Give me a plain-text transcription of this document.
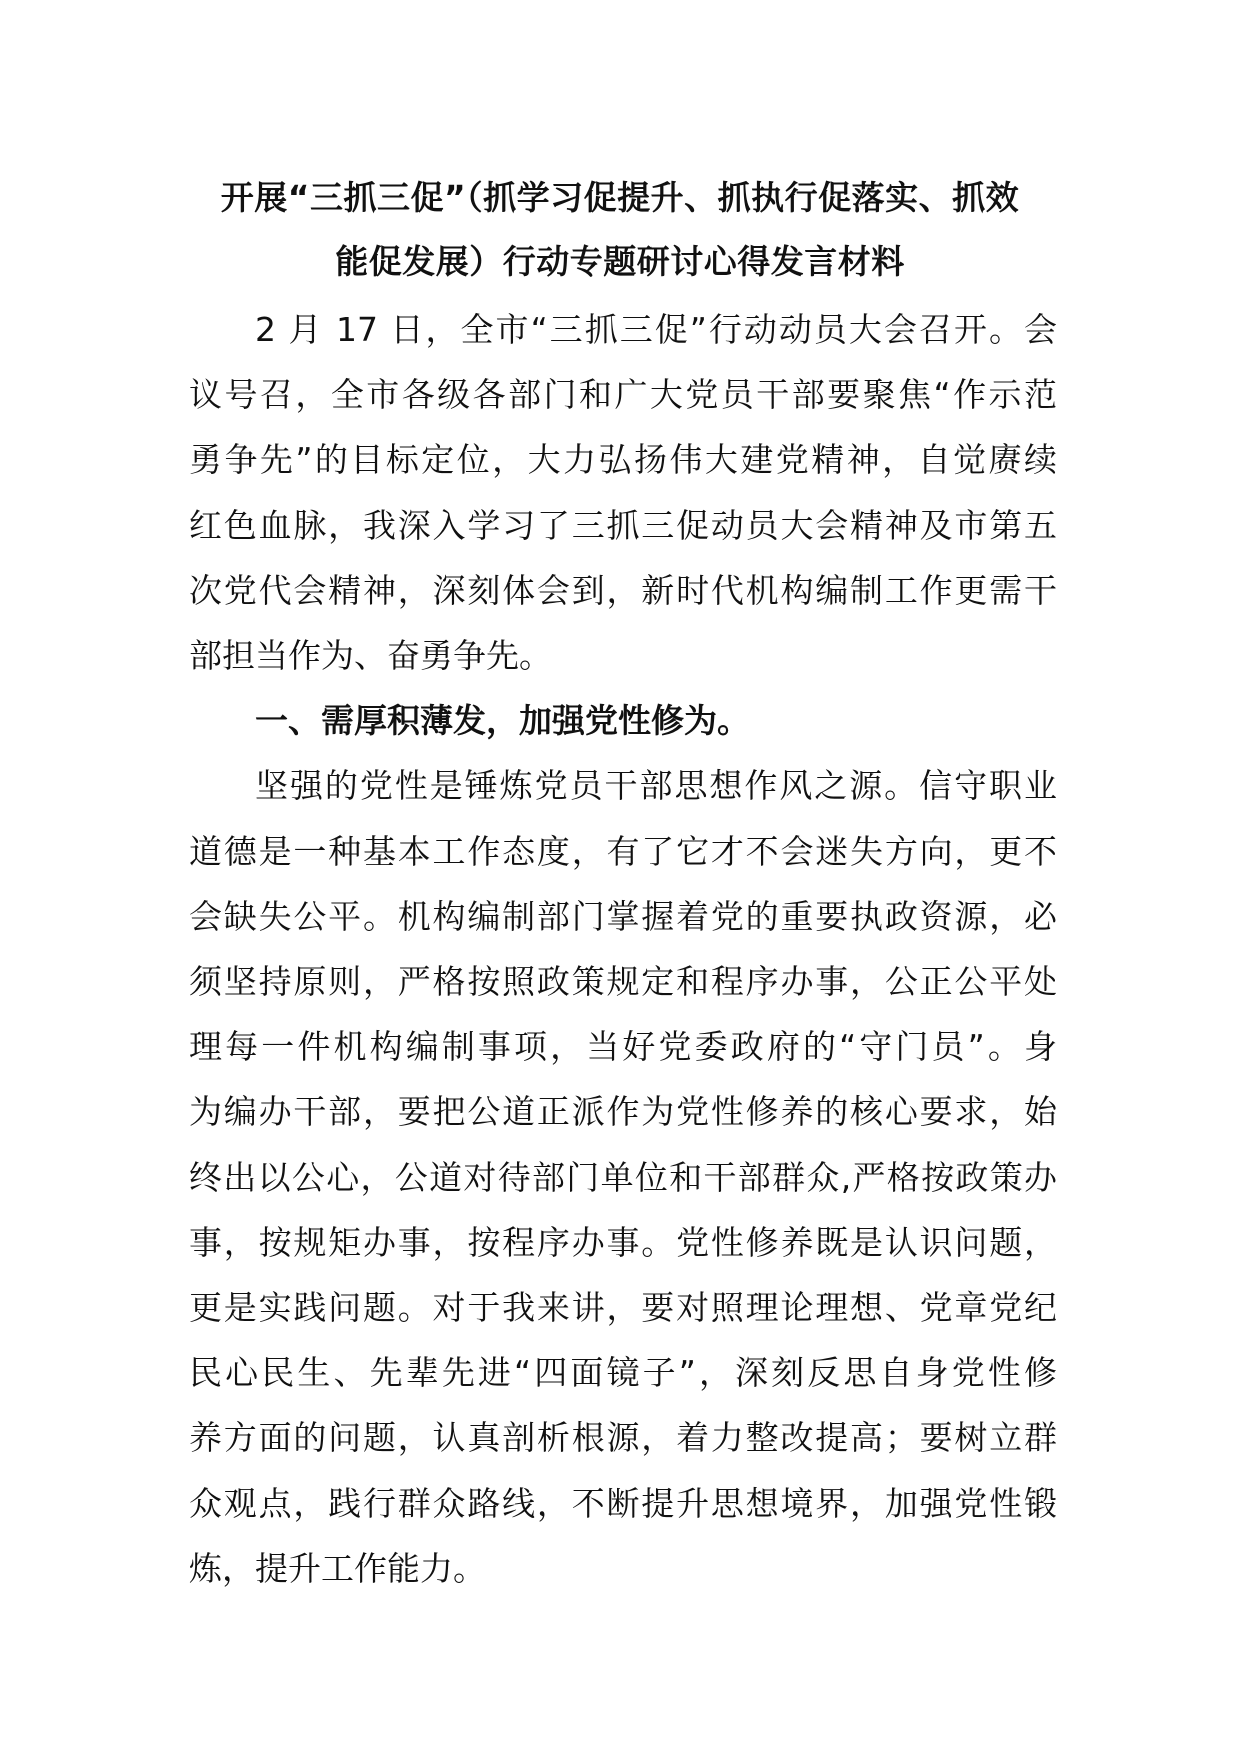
开展“三抓三促”（抓学习促提升、抓执行促落实、抓效
能促发展）行动专题研讨心得发言材料

2 月 17 日，全市“三抓三促”行动动员大会召开。会
议号召，全市各级各部门和广大党员干部要聚焦“作示范
勇争先”的目标定位，大力弘扬伟大建党精神，自觉赓续
红色血脉，我深入学习了三抓三促动员大会精神及市第五
次党代会精神，深刻体会到，新时代机构编制工作更需干
部担当作为、奋勇争先。

一、需厚积薄发，加强党性修为。

坚强的党性是锤炼党员干部思想作风之源。信守职业
道德是一种基本工作态度，有了它才不会迷失方向，更不
会缺失公平。机构编制部门掌握着党的重要执政资源，必
须坚持原则，严格按照政策规定和程序办事，公正公平处
理每一件机构编制事项，当好党委政府的“守门员”。身
为编办干部，要把公道正派作为党性修养的核心要求，始
终出以公心，公道对待部门单位和干部群众,严格按政策办
事，按规矩办事，按程序办事。党性修养既是认识问题，
更是实践问题。对于我来讲，要对照理论理想、党章党纪
民心民生、先辈先进“四面镜子”，深刻反思自身党性修
养方面的问题，认真剖析根源，着力整改提高；要树立群
众观点，践行群众路线，不断提升思想境界，加强党性锻
炼，提升工作能力。
